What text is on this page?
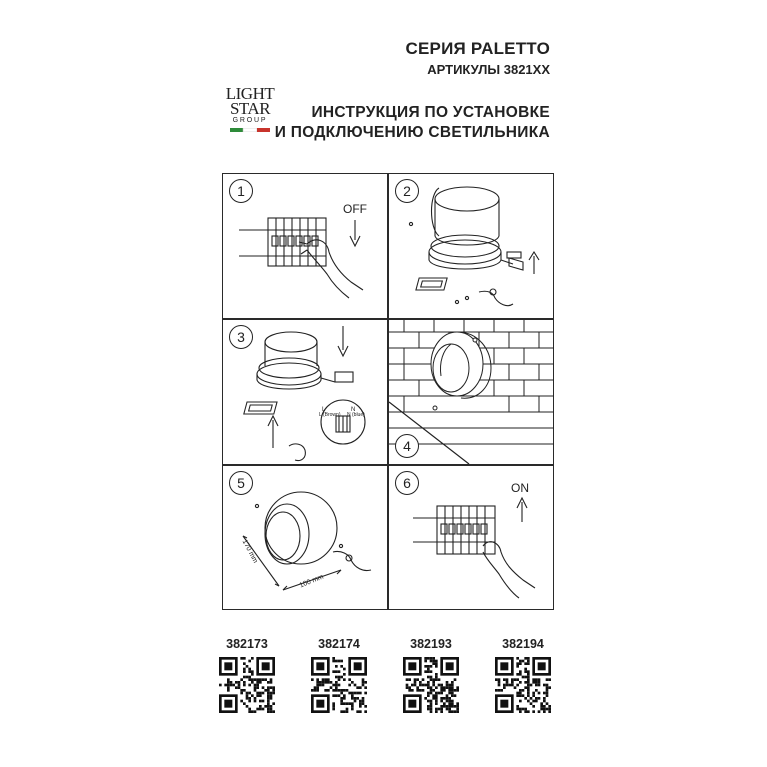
СЕРИЯ PALETTO
АРТИКУЛЫ 3821XX
ИНСТРУКЦИЯ ПО УСТАНОВКЕ
И ПОДКЛЮЧЕНИЮ СВЕТИЛЬНИКА
LIGHT
STAR
GROUP
1
OFF
2
L	N
3
L (Brown) N (blue)
4
5
170 mm
100 mm
6	ON
382173	382174	382193	382194
